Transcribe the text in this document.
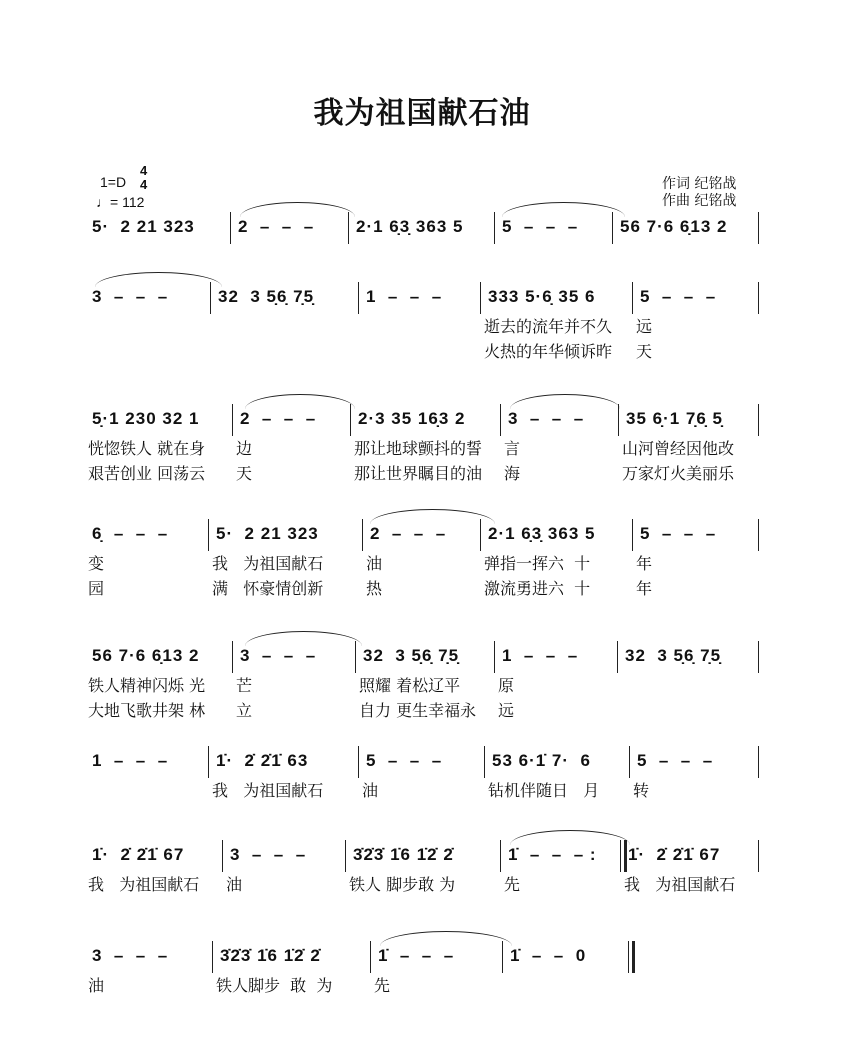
我为祖国献石油
1=D
4
4
♩= 112
作词 纪铭战
作曲 纪铭战
5·  2 21 323	2  –  –  – 2·1 6̣3̣ 363 5 5  –  –  – 56 7·6 6̣13 2
3  –  –  –	32  3 5̣6̣ 7̣5̣	1  –  –  –	333 5·6̣ 35 6
逝去的流年并不久
火热的年华倾诉昨
5  –  –  –
远
天
5̣·1 230 32 1
恍惚铁人 就在身
艰苦创业 回荡云
2  –  –  –
边
天
2·3 35 16̣3 2
那让地球颤抖的誓
那让世界瞩目的油
3  –  –  –
言
海
35 6̣·1 7̣6̣ 5̣
山河曾经因他改
万家灯火美丽乐
6̣  –  –  –
变
园
5·  2 21 323
我   为祖国献石
满   怀豪情创新
2  –  –  –
油
热
2·1 6̣3̣ 363 5
弹指一挥六  十
激流勇进六  十
5  –  –  –
年
年
56 7·6 6̣13 2
铁人精神闪烁 光
大地飞歌井架 林
3  –  –  –
芒
立
32  3 5̣6̣ 7̣5̣
照耀 着松辽平
自力 更生幸福永
1  –  –  –
原
远
32  3 5̣6̣ 7̣5̣
1  –  –  –	1̇·  2̇ 2̇1̇ 63
我   为祖国献石
5  –  –  –
油
53 6·1̇ 7·  6
钻机伴随日   月
5  –  –  –
转
1̇·  2̇ 2̇1̇ 67
我   为祖国献石
3  –  –  –
油
3̇2̇3̇ 1̇6 1̇2̇ 2̇
铁人 脚步敢 为
1̇  –  –  – :
先
1̇·  2̇ 2̇1̇ 67
我   为祖国献石
3  –  –  –
油
3̇2̇3̇ 1̇6 1̇2̇ 2̇
铁人脚步  敢  为
1̇  –  –  –
先
1̇  –  –  0
